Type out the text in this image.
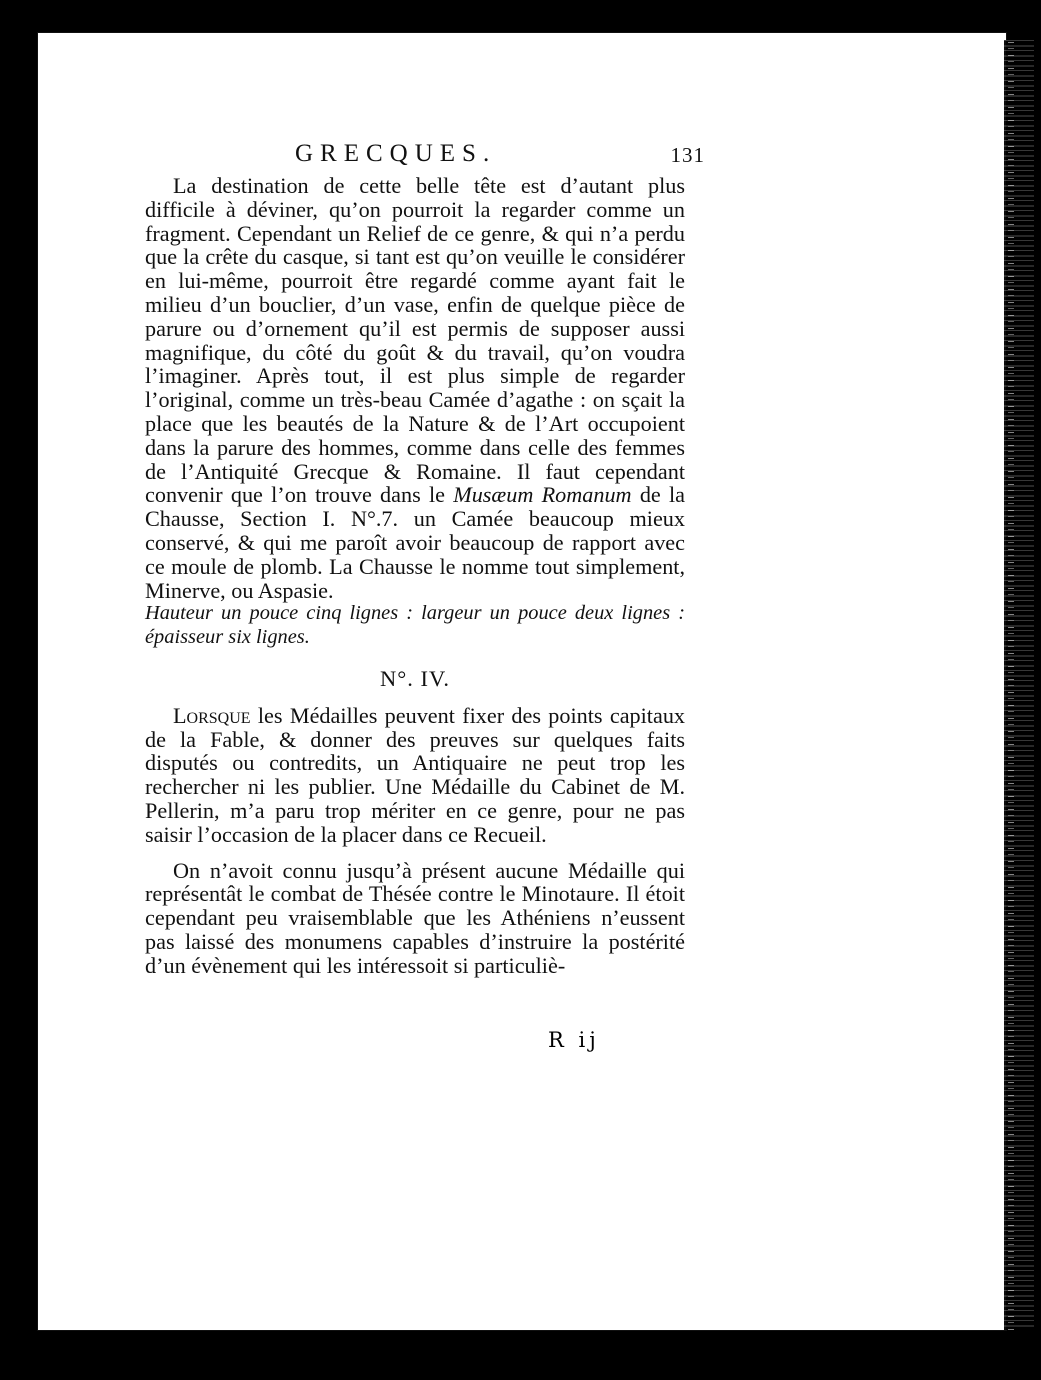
GRECQUES.	131

La destination de cette belle tête est d’autant plus difficile à déviner, qu’on pourroit la regarder comme un fragment. Cependant un Relief de ce genre, & qui n’a perdu que la crête du casque, si tant est qu’on veuille le considérer en lui-même, pourroit être regardé comme ayant fait le milieu d’un bouclier, d’un vase, enfin de quelque pièce de parure ou d’ornement qu’il est permis de supposer aussi magnifique, du côté du goût & du travail, qu’on voudra l’imaginer. Après tout, il est plus simple de regarder l’original, comme un très-beau Camée d’agathe : on sçait la place que les beautés de la Nature & de l’Art occupoient dans la parure des hommes, comme dans celle des femmes de l’Antiquité Grecque & Romaine. Il faut cependant convenir que l’on trouve dans le Musæum Romanum de la Chausse, Section I. N°.7. un Camée beaucoup mieux conservé, & qui me paroît avoir beaucoup de rapport avec ce moule de plomb. La Chausse le nomme tout simplement, Minerve, ou Aspasie.

Hauteur un pouce cinq lignes : largeur un pouce deux lignes : épaisseur six lignes.

N°. IV.

Lorsque les Médailles peuvent fixer des points capitaux de la Fable, & donner des preuves sur quelques faits disputés ou contredits, un Antiquaire ne peut trop les rechercher ni les publier. Une Médaille du Cabinet de M. Pellerin, m’a paru trop mériter en ce genre, pour ne pas saisir l’occasion de la placer dans ce Recueil.

On n’avoit connu jusqu’à présent aucune Médaille qui représentât le combat de Thésée contre le Minotaure. Il étoit cependant peu vraisemblable que les Athéniens n’eussent pas laissé des monumens capables d’instruire la postérité d’un évènement qui les intéressoit si particuliè-

R ij
